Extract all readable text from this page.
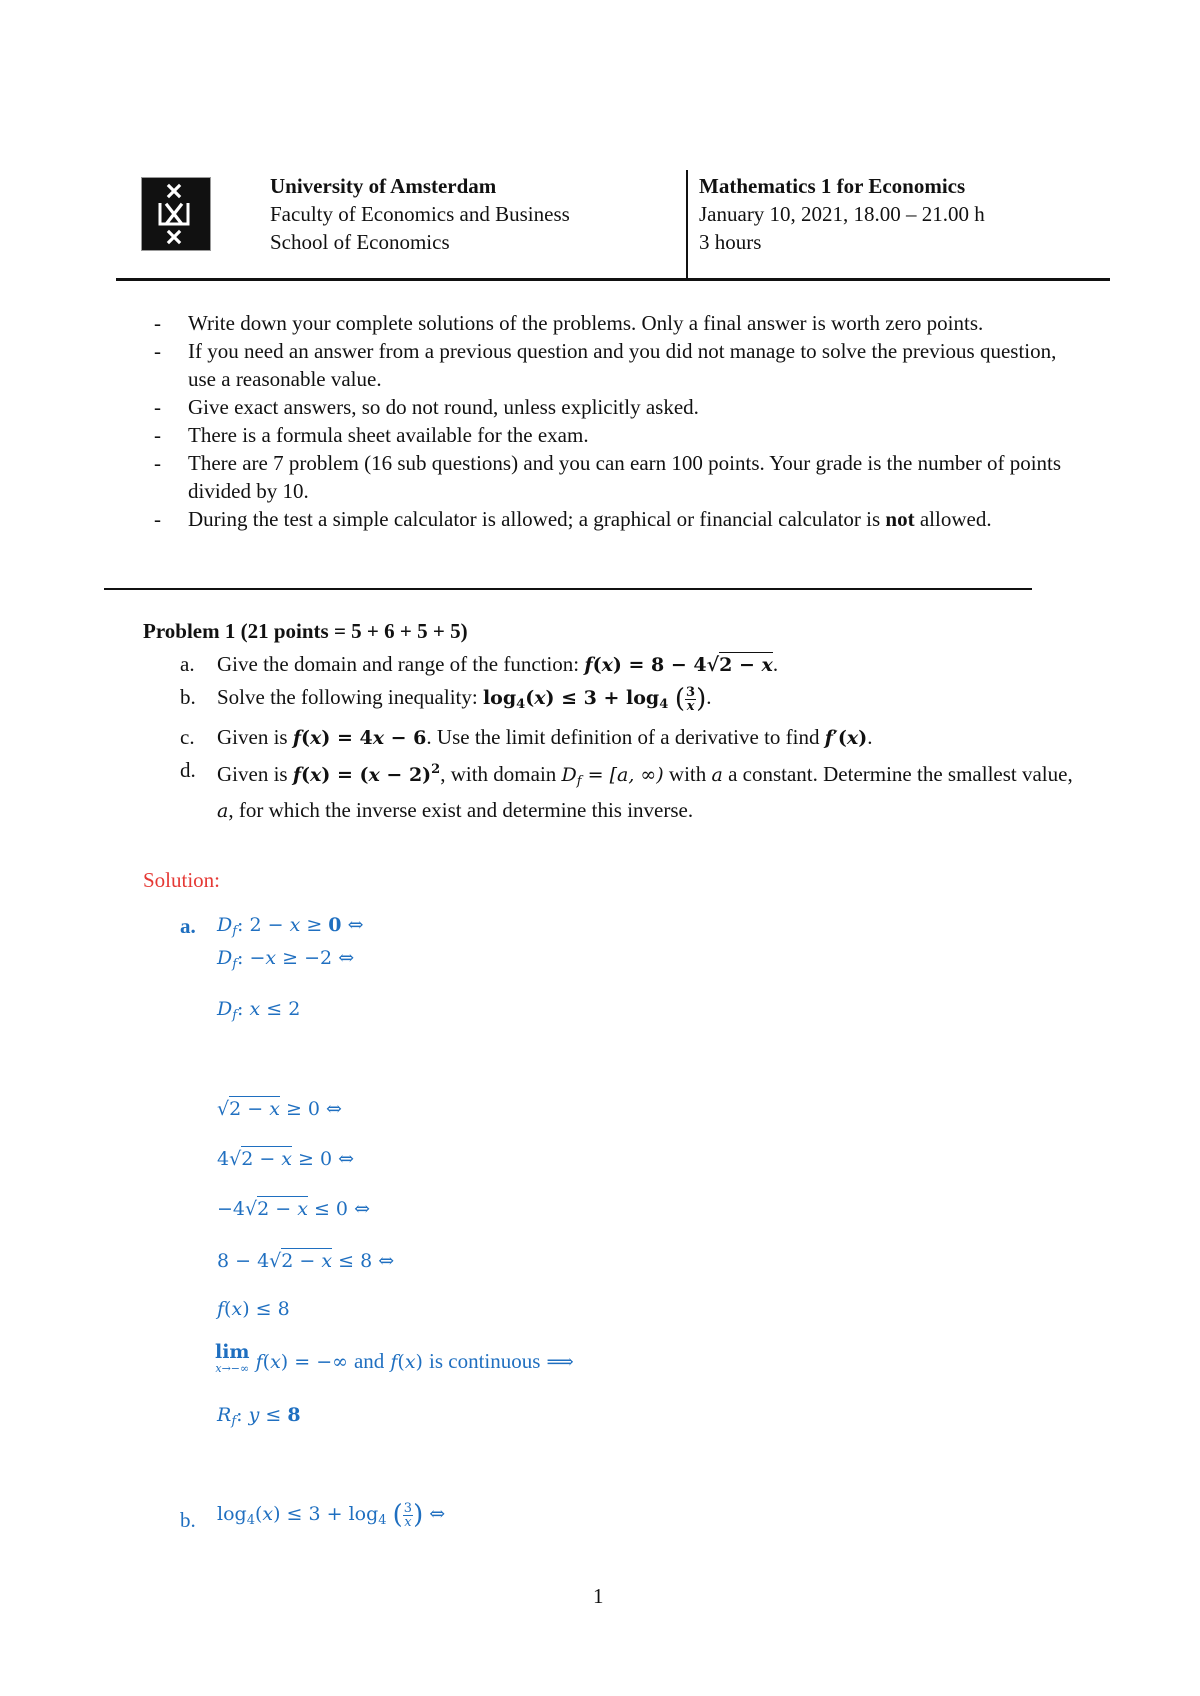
University of Amsterdam
Faculty of Economics and Business
School of Economics
Mathematics 1 for Economics
January 10, 2021, 18.00 – 21.00 h
3 hours
- Write down your complete solutions of the problems. Only a final answer is worth zero points.
- If you need an answer from a previous question and you did not manage to solve the previous question, use a reasonable value.
- Give exact answers, so do not round, unless explicitly asked.
- There is a formula sheet available for the exam.
- There are 7 problem (16 sub questions) and you can earn 100 points. Your grade is the number of points divided by 10.
- During the test a simple calculator is allowed; a graphical or financial calculator is not allowed.
Problem 1 (21 points = 5 + 6 + 5 + 5)
a. Give the domain and range of the function: f(x) = 8 − 4√2 − x.
b. Solve the following inequality: $\log_4(x) \le 3 + \log_4$ ( $\frac{3}{x}$ ).
c. Given is f(x) = 4x − 6. Use the limit definition of a derivative to find f′(x).
d. Given is $f(x) = (x - 2)^2$, with domain $D_f = [a$, ∞) with a a constant. Determine the smallest value, a, for which the inverse exist and determine this inverse.
Solution:
a. $D_f$: 2 − x ≥ 0 ⇔
$D_f$: −x ≥ −2 ⇔
$D_f$: x ≤ 2
√2 − x ≥ 0 ⇔
4√2 − x ≥ 0 ⇔
−4√2 − x ≤ 0 ⇔
8 − 4√2 − x ≤ 8 ⇔
f(x) ≤ 8
lim
x→−∞ f(x) = −∞ and f(x) is continuous ⟹
$R_f$: y ≤ 8
b. $\log_4(x) \le 3 + \log_4$ ( $\frac{3}{x}$ ) ⇔
1
